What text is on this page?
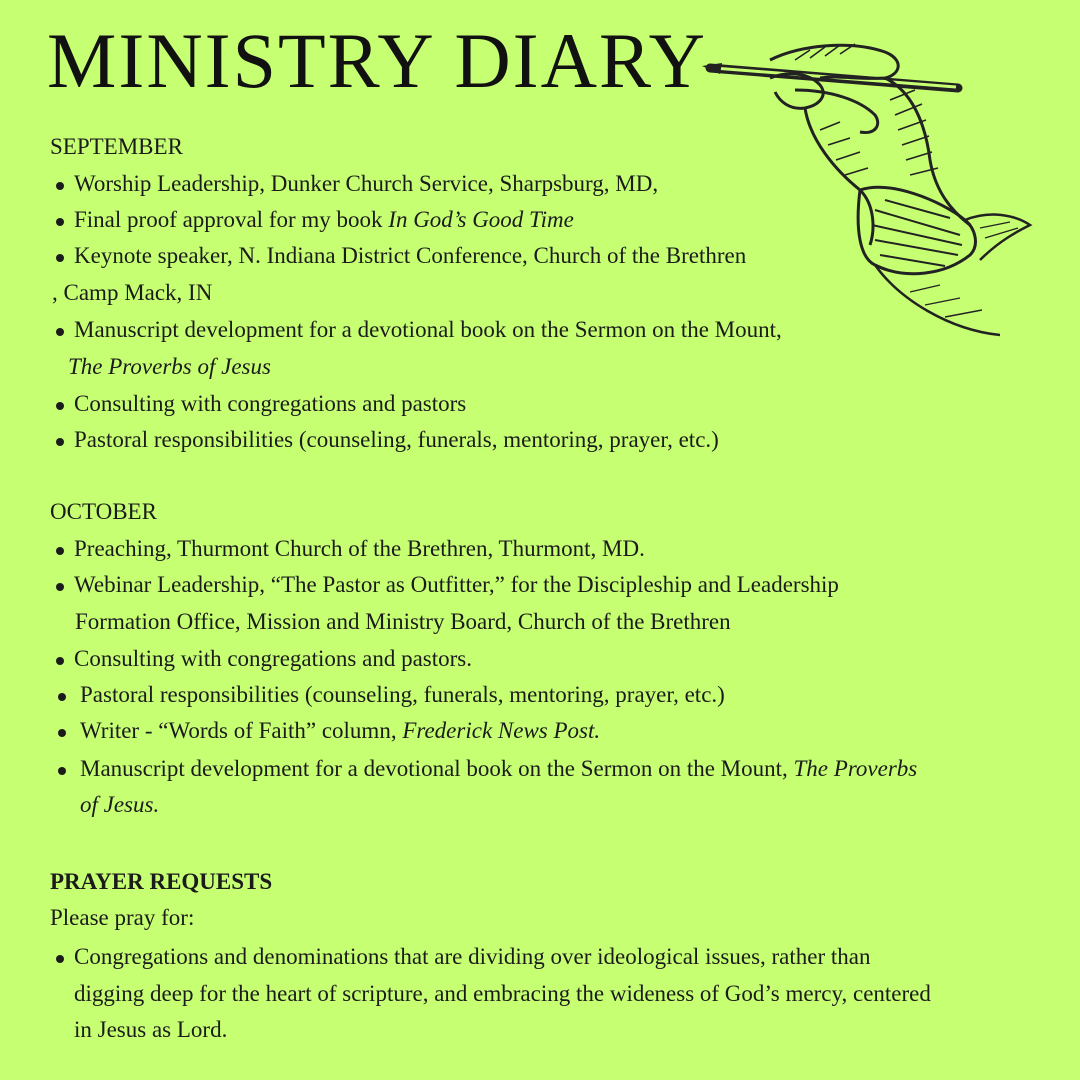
MINISTRY DIARY

SEPTEMBER

Worship Leadership, Dunker Church Service, Sharpsburg, MD,

Final proof approval for my book In God’s Good Time

Keynote speaker, N. Indiana District Conference, Church of the Brethren

, Camp Mack, IN

Manuscript development for a devotional book on the Sermon on the Mount,

The Proverbs of Jesus

Consulting with congregations and pastors

Pastoral responsibilities (counseling, funerals, mentoring, prayer, etc.)

OCTOBER

Preaching, Thurmont Church of the Brethren, Thurmont, MD.

Webinar Leadership, “The Pastor as Outfitter,” for the Discipleship and Leadership

Formation Office, Mission and Ministry Board, Church of the Brethren

Consulting with congregations and pastors.

Pastoral responsibilities (counseling, funerals, mentoring, prayer, etc.)

Writer - “Words of Faith” column, Frederick News Post.

Manuscript development for a devotional book on the Sermon on the Mount, The Proverbs

of Jesus.

PRAYER REQUESTS

Please pray for:

Congregations and denominations that are dividing over ideological issues, rather than

digging deep for the heart of scripture, and embracing the wideness of God’s mercy, centered

in Jesus as Lord.
